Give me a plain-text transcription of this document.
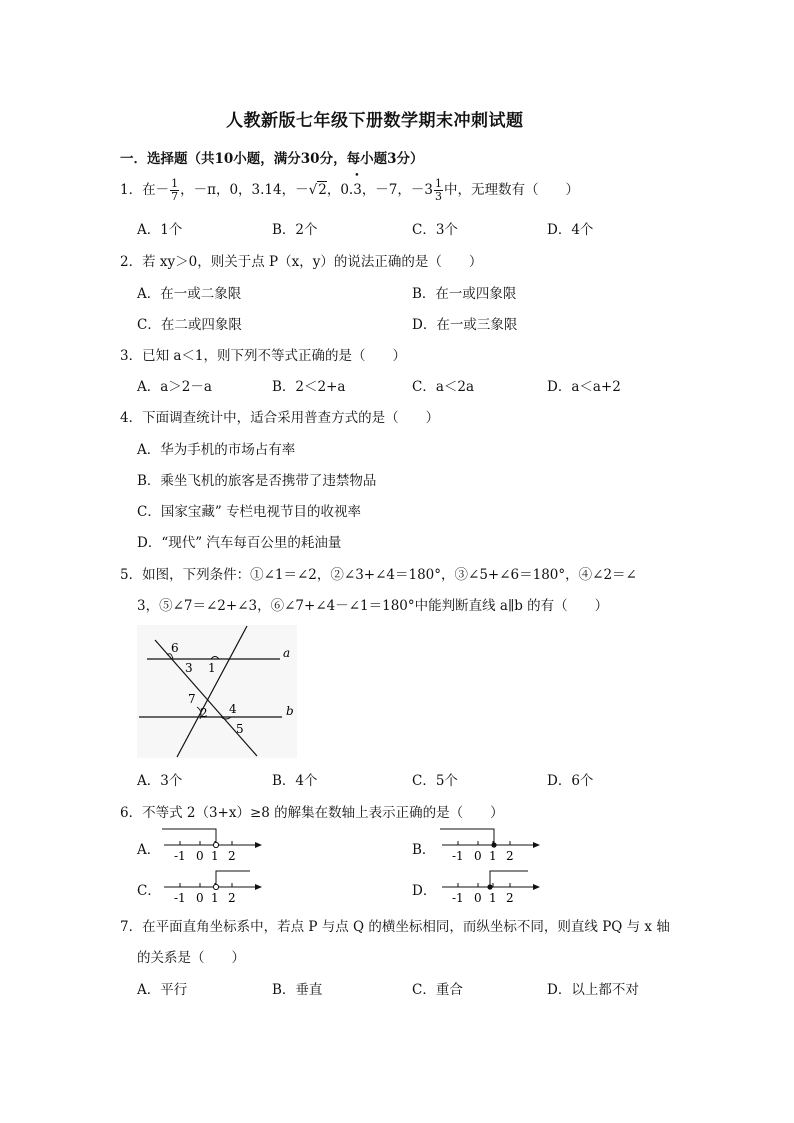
人教新版七年级下册数学期末冲刺试题
一．选择题（共10小题，满分30分，每小题3分）
1．在－ $\frac{1}{7}$ ，－π，0，3.14，－√2，0.• 3，－7，$-3 \frac{1}{3}$ 中，无理数有（　　）
A．1个	B．2个	C．3个	D．4个
2．若 xy＞0，则关于点 P（x，y）的说法正确的是（　　）
A．在一或二象限	B．在一或四象限
C．在二或四象限	D．在一或三象限
3．已知 a＜1，则下列不等式正确的是（　　）
A．a＞2－a	B．2＜2+a	C．a＜2a	D．a＜a+2
4．下面调查统计中，适合采用普查方式的是（　　）
A．华为手机的市场占有率
B．乘坐飞机的旅客是否携带了违禁物品
C．国家宝藏” 专栏电视节目的收视率
D．“现代” 汽车每百公里的耗油量
5．如图，下列条件：①∠1＝∠2，②∠3+∠4＝180°，③∠5+∠6＝180°，④∠2＝∠
3，⑤∠7＝∠2+∠3，⑥∠7+∠4－∠1＝180°中能判断直线 a∥b 的有（　　）
a
b
1
2
3
4
5
6
7
A．3个	B．4个	C．5个	D．6个
6．不等式 2（3+x）≥8 的解集在数轴上表示正确的是（　　）
A． -1 0 1 2	B． -1 0 1 2
C． -1 0 1 2	D． -1 0 1 2
7．在平面直角坐标系中，若点 P 与点 Q 的横坐标相同，而纵坐标不同，则直线 PQ 与 x 轴
的关系是（　　）
A．平行	B．垂直	C．重合	D．以上都不对
